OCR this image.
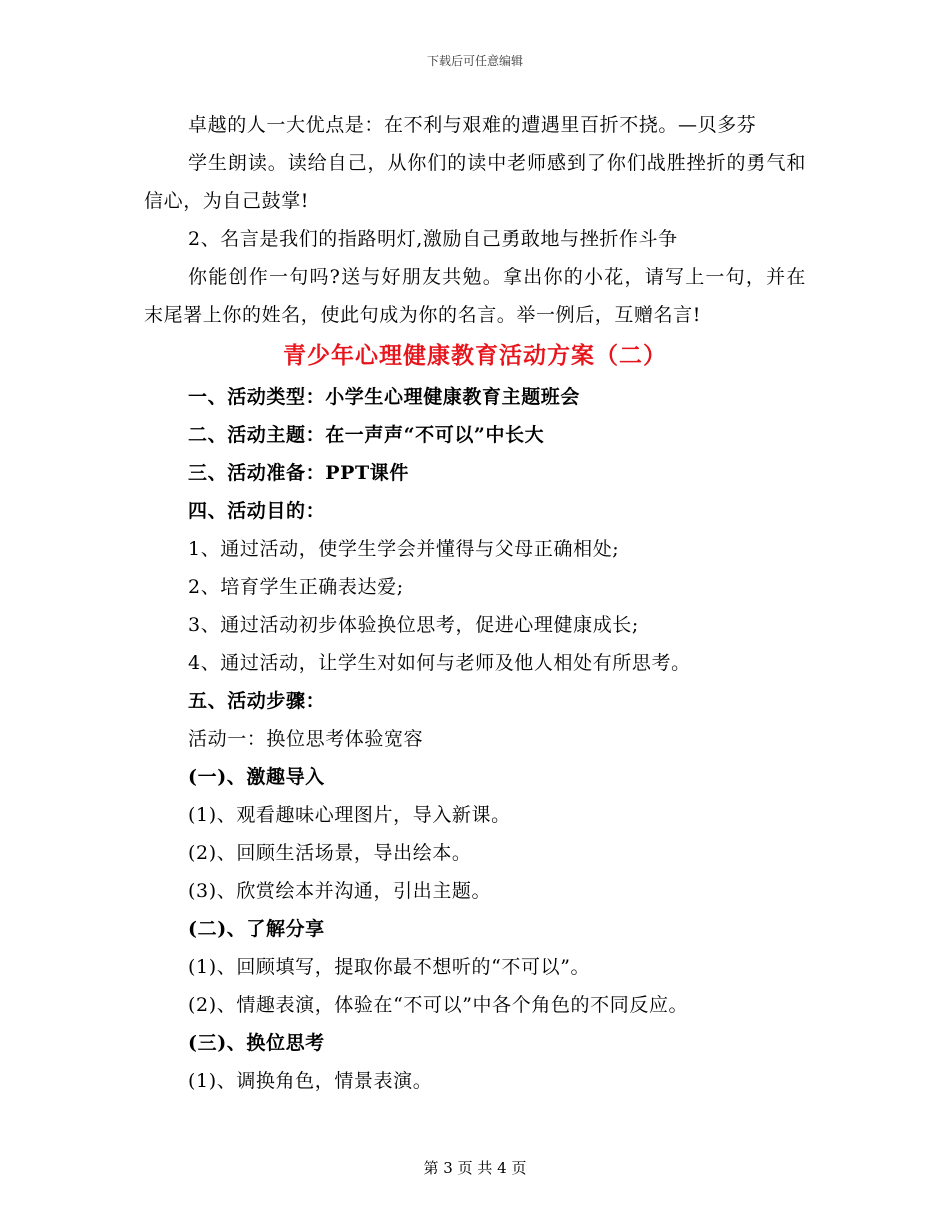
下载后可任意编辑
卓越的人一大优点是：在不利与艰难的遭遇里百折不挠。—贝多芬
学生朗读。读给自己，从你们的读中老师感到了你们战胜挫折的勇气和信心，为自己鼓掌!
2、名言是我们的指路明灯,激励自己勇敢地与挫折作斗争
你能创作一句吗?送与好朋友共勉。拿出你的小花，请写上一句，并在末尾署上你的姓名，使此句成为你的名言。举一例后，互赠名言!
青少年心理健康教育活动方案（二）
一、活动类型：小学生心理健康教育主题班会
二、活动主题：在一声声“不可以”中长大
三、活动准备：PPT课件
四、活动目的：
1、通过活动，使学生学会并懂得与父母正确相处;
2、培育学生正确表达爱;
3、通过活动初步体验换位思考，促进心理健康成长;
4、通过活动，让学生对如何与老师及他人相处有所思考。
五、活动步骤：
活动一：换位思考体验宽容
(一)、激趣导入
(1)、观看趣味心理图片，导入新课。
(2)、回顾生活场景，导出绘本。
(3)、欣赏绘本并沟通，引出主题。
(二)、了解分享
(1)、回顾填写，提取你最不想听的“不可以”。
(2)、情趣表演，体验在“不可以”中各个角色的不同反应。
(三)、换位思考
(1)、调换角色，情景表演。
第 3 页 共 4 页
